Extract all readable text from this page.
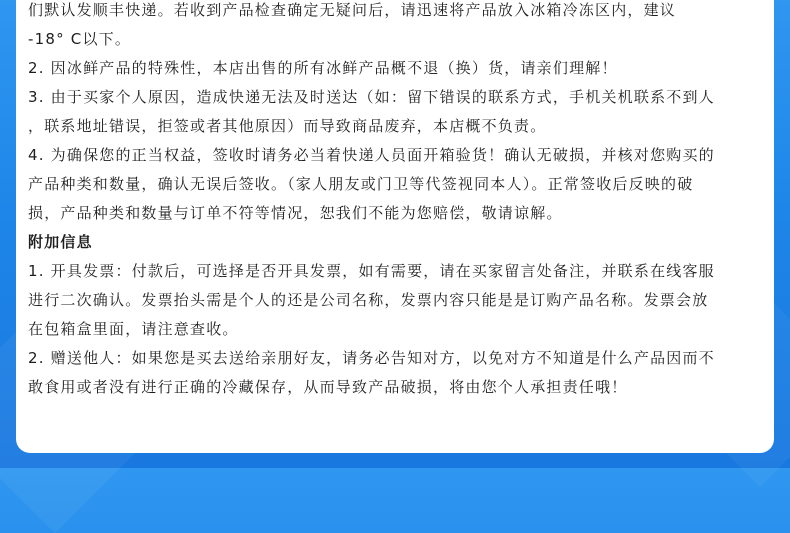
们默认发顺丰快递。若收到产品检查确定无疑问后，请迅速将产品放入冰箱冷冻区内，建议
-18° C以下。
2. 因冰鲜产品的特殊性，本店出售的所有冰鲜产品概不退（换）货，请亲们理解！
3. 由于买家个人原因，造成快递无法及时送达（如：留下错误的联系方式，手机关机联系不到人
，联系地址错误，拒签或者其他原因）而导致商品废弃，本店概不负责。
4. 为确保您的正当权益，签收时请务必当着快递人员面开箱验货！确认无破损，并核对您购买的
产品种类和数量，确认无误后签收。（家人朋友或门卫等代签视同本人）。正常签收后反映的破
损，产品种类和数量与订单不符等情况，恕我们不能为您赔偿，敬请谅解。
附加信息
1. 开具发票：付款后，可选择是否开具发票，如有需要，请在买家留言处备注，并联系在线客服
进行二次确认。发票抬头需是个人的还是公司名称，发票内容只能是是订购产品名称。发票会放
在包箱盒里面，请注意查收。
2. 赠送他人：如果您是买去送给亲朋好友，请务必告知对方，以免对方不知道是什么产品因而不
敢食用或者没有进行正确的冷藏保存，从而导致产品破损，将由您个人承担责任哦！
